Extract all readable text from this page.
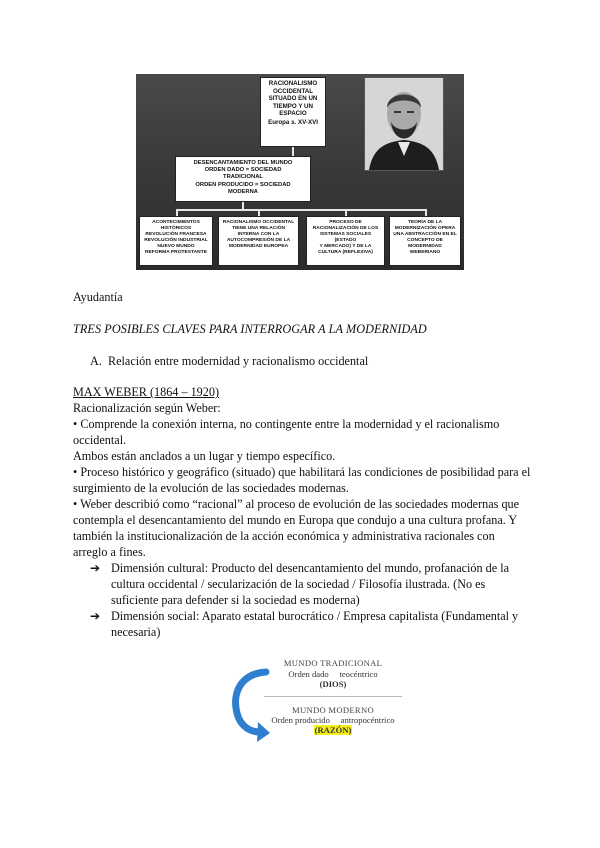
RACIONALISMO
OCCIDENTAL
SITUADO EN UN
TIEMPO Y UN
ESPACIO
Europa s. XV-XVI
DESENCANTAMIENTO DEL MUNDO
ORDEN DADO = SOCIEDAD
TRADICIONAL
ORDEN PRODUCIDO = SOCIEDAD
MODERNA
ACONTECIMIENTOS
HISTÓRICOS
REVOLUCIÓN FRANCESA
REVOLUCIÓN INDUSTRIAL
NUEVO MUNDO
REFORMA PROTESTANTE
RACIONALISMO OCCIDENTAL
TIENE UNA RELACIÓN
INTERNA CON LA
AUTOCOMPRESIÓN DE LA
MODERNIDAD EUROPEA
PROCESO DE
RACIONALIZACIÓN DE LOS
SISTEMAS SOCIALES (ESTADO
Y MERCADO) Y DE LA
CULTURA (REFLEXIVA)
TEORÍA DE LA
MODERNIZACIÓN OPERA
UNA ABSTRACCIÓN EN EL
CONCEPTO DE MODERNIDAD
WEBERIANO
Ayudantía
TRES POSIBLES CLAVES PARA INTERROGAR A LA MODERNIDAD
A. Relación entre modernidad y racionalismo occidental
MAX WEBER (1864 – 1920)
Racionalización según Weber:
• Comprende la conexión interna, no contingente entre la modernidad y el racionalismo
occidental.
Ambos están anclados a un lugar y tiempo específico.
• Proceso histórico y geográfico (situado) que habilitará las condiciones de posibilidad para el
surgimiento de la evolución de las sociedades modernas.
• Weber describió como “racional” al proceso de evolución de las sociedades modernas que
contempla el desencantamiento del mundo en Europa que condujo a una cultura profana. Y
también la institucionalización de la acción económica y administrativa racionales con
arreglo a fines.
➔ Dimensión cultural: Producto del desencantamiento del mundo, profanación de la
cultura occidental / secularización de la sociedad / Filosofía ilustrada. (No es
suficiente para defender si la sociedad es moderna)
➔ Dimensión social: Aparato estatal burocrático / Empresa capitalista (Fundamental y
necesaria)
MUNDO TRADICIONAL
Orden dado     teocéntrico
(DIOS)
MUNDO MODERNO
Orden producido     antropocéntrico
(RAZÓN)
